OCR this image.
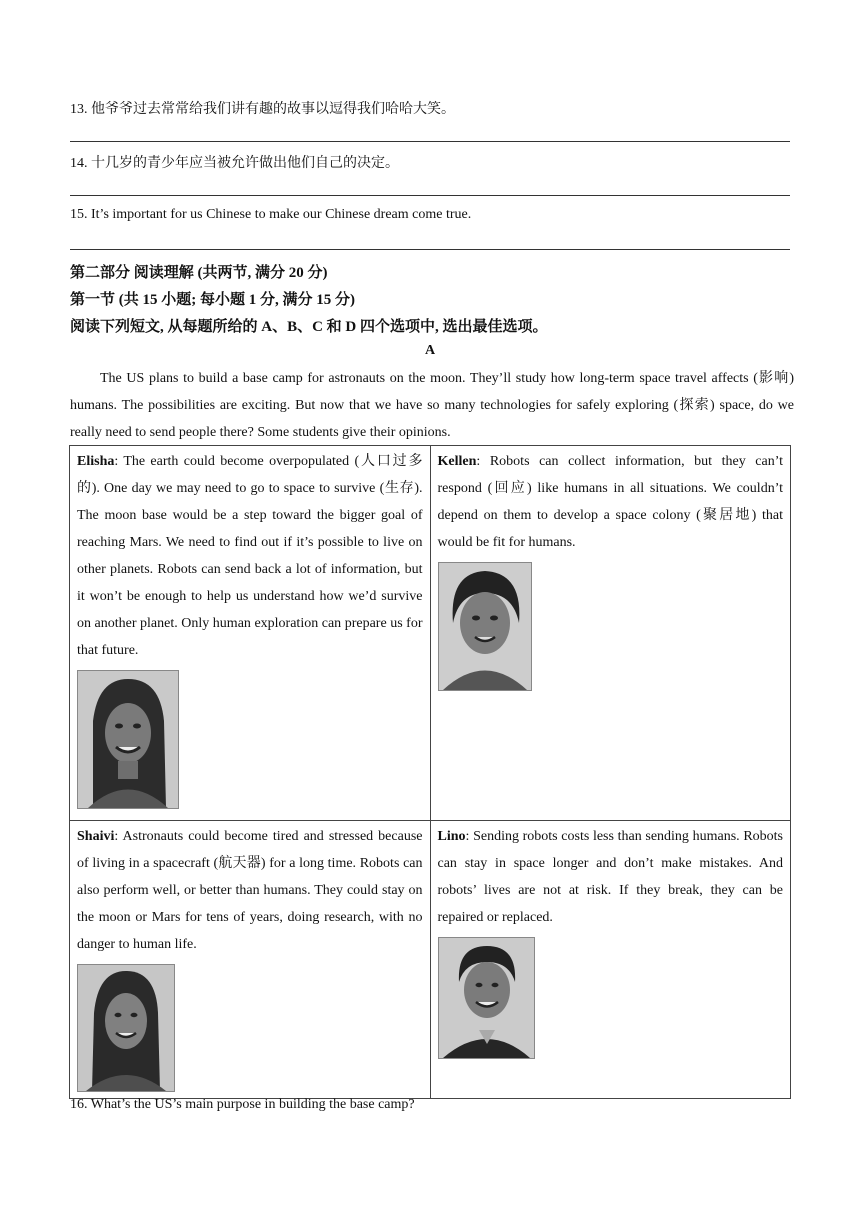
13. 他爷爷过去常常给我们讲有趣的故事以逗得我们哈哈大笑。
14. 十几岁的青少年应当被允许做出他们自己的决定。
15. It’s important for us Chinese to make our Chinese dream come true.
第二部分 阅读理解 (共两节, 满分 20 分)
第一节 (共 15 小题; 每小题 1 分, 满分 15 分)
阅读下列短文, 从每题所给的 A、B、C 和 D 四个选项中, 选出最佳选项。
A
The US plans to build a base camp for astronauts on the moon. They’ll study how long-term space travel affects (影响) humans. The possibilities are exciting. But now that we have so many technologies for safely exploring (探索) space, do we really need to send people there? Some students give their opinions.
Elisha: The earth could become overpopulated (人口过多的). One day we may need to go to space to survive (生存). The moon base would be a step toward the bigger goal of reaching Mars. We need to find out if it’s possible to live on other planets. Robots can send back a lot of information, but it won’t be enough to help us understand how we’d survive on another planet. Only human exploration can prepare us for that future.	Kellen: Robots can collect information, but they can’t respond (回应) like humans in all situations. We couldn’t depend on them to develop a space colony (聚居地) that would be fit for humans.

Shaivi: Astronauts could become tired and stressed because of living in a spacecraft (航天器) for a long time. Robots can also perform well, or better than humans. They could stay on the moon or Mars for tens of years, doing research, with no danger to human life.	Lino: Sending robots costs less than sending humans. Robots can stay in space longer and don’t make mistakes. And robots’ lives are not at risk. If they break, they can be repaired or replaced.
16. What’s the US’s main purpose in building the base camp?
